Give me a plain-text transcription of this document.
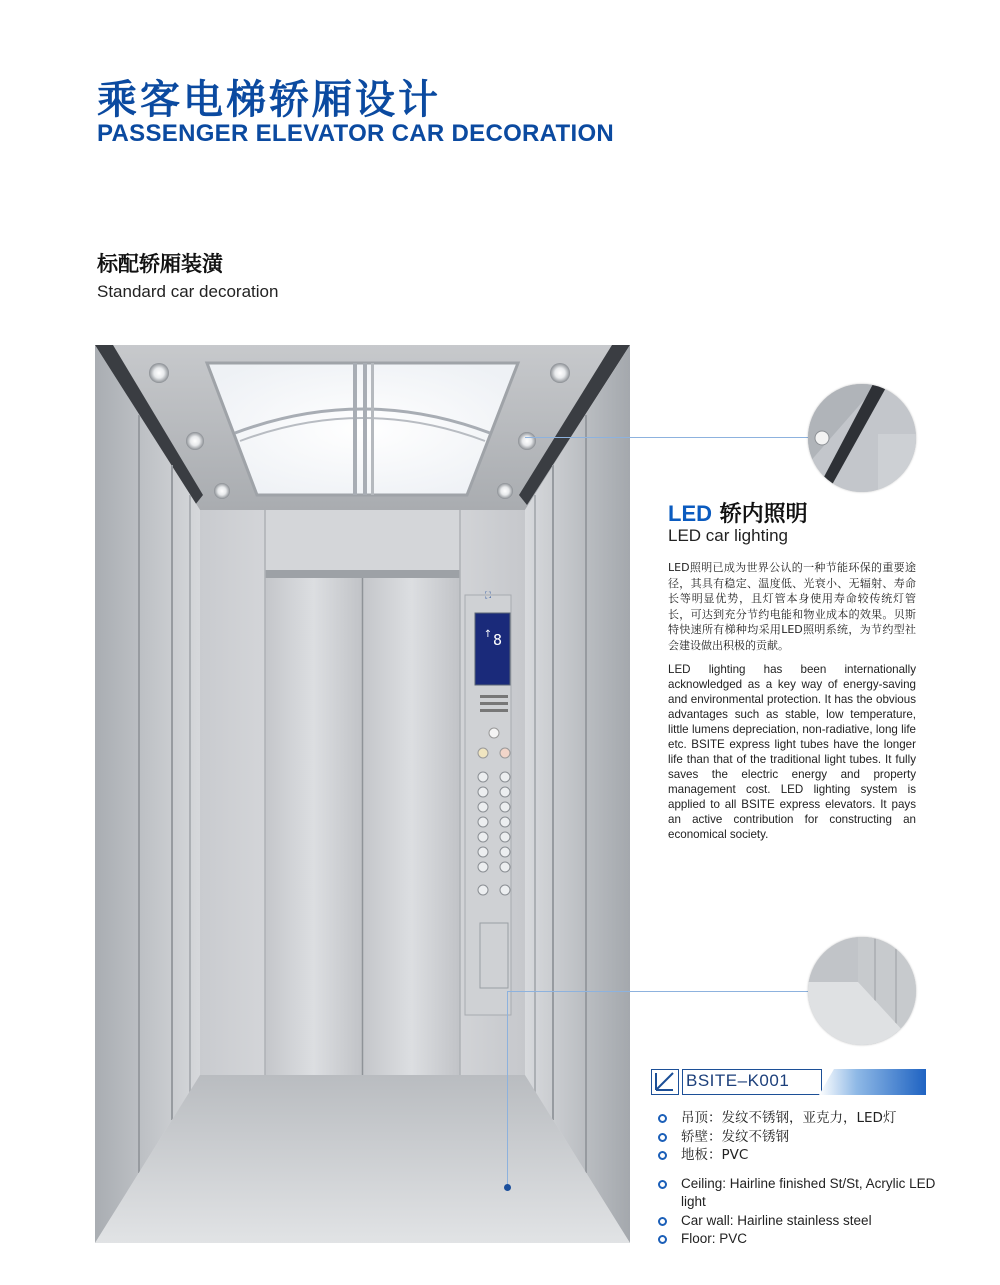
乘客电梯轿厢设计
PASSENGER ELEVATOR CAR DECORATION
标配轿厢装潢

Standard car decoration

⛶
↑ 8
LED 轿内照明

LED car lighting

LED照明已成为世界公认的一种节能环保的重要途径，其具有稳定、温度低、光衰小、无辐射、寿命长等明显优势，且灯管本身使用寿命较传统灯管长，可达到充分节约电能和物业成本的效果。贝斯特快速所有梯种均采用LED照明系统，为节约型社会建设做出积极的贡献。

LED lighting has been internationally acknowledged as a key way of energy-saving and environmental protection. It has the obvious advantages such as stable, low temperature, little lumens depreciation, non-radiative, long life etc. BSITE express light tubes have the longer life than that of the traditional light tubes. It fully saves the electric energy and property management cost. LED lighting system is applied to all BSITE express elevators. It pays an active contribution for constructing an economical society.

BSITE–K001

吊顶：发纹不锈钢，亚克力，LED灯
轿壁：发纹不锈钢
地板：PVC
Ceiling: Hairline finished St/St, Acrylic LED light
Car wall: Hairline stainless steel
Floor: PVC
